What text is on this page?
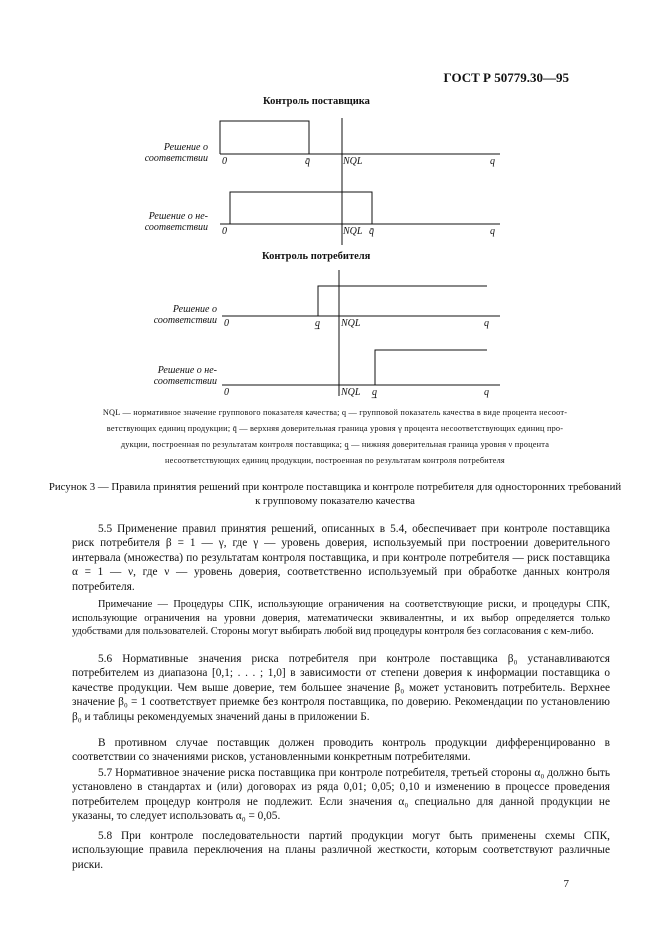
ГОСТ Р 50779.30—95
Контроль поставщика
Контроль потребителя
Решение о
соответствии
Решение о не-
соответствии
Решение о
соответствии
Решение о не-
соответствии
0	q̄	NQL	q
0	NQL q̄	q
0	q̲ NQL	q
0	NQL q̲	q
NQL — нормативное значение группового показателя качества; q — групповой показатель качества в виде процента несоот-
ветствующих единиц продукции; q̄ — верхняя доверительная граница уровня γ процента несоответствующих единиц про-
дукции, построенная по результатам контроля поставщика; q̲ — нижняя доверительная граница уровня ν процента
несоответствующих единиц продукции, построенная по результатам контроля потребителя
Рисунок 3 — Правила принятия решений при контроле поставщика и контроле потребителя для односторонних требований к групповому показателю качества
5.5 Применение правил принятия решений, описанных в 5.4, обеспечивает при контроле поставщика риск потребителя β = 1 — γ, где γ — уровень доверия, используемый при построении доверительного интервала (множества) по результатам контроля поставщика, и при контроле потребителя — риск поставщика α = 1 — ν, где ν — уровень доверия, соответственно используемый при обработке данных контроля потребителя.
Примечание — Процедуры СПК, использующие ограничения на соответствующие риски, и процедуры СПК, использующие ограничения на уровни доверия, математически эквивалентны, и их выбор определяется только удобствами для пользователей. Стороны могут выбирать любой вид процедуры контроля без согласования с кем-либо.
5.6 Нормативные значения риска потребителя при контроле поставщика β₀ устанавливаются потребителем из диапазона [0,1; . . . ; 1,0] в зависимости от степени доверия к информации поставщика о качестве продукции. Чем выше доверие, тем большее значение β₀ может установить потребитель. Верхнее значение β₀ = 1 соответствует приемке без контроля поставщика, по доверию. Рекомендации по установлению β₀ и таблицы рекомендуемых значений даны в приложении Б.
В противном случае поставщик должен проводить контроль продукции дифференцированно в соответствии со значениями рисков, установленными конкретным потребителями.
5.7 Нормативное значение риска поставщика при контроле потребителя, третьей стороны α₀ должно быть установлено в стандартах и (или) договорах из ряда 0,01; 0,05; 0,10 и изменению в процессе проведения потребителем процедур контроля не подлежит. Если значения α₀ специально для данной продукции не указаны, то следует использовать α₀ = 0,05.
5.8 При контроле последовательности партий продукции могут быть применены схемы СПК, использующие правила переключения на планы различной жесткости, которым соответствуют различные риски.
7
